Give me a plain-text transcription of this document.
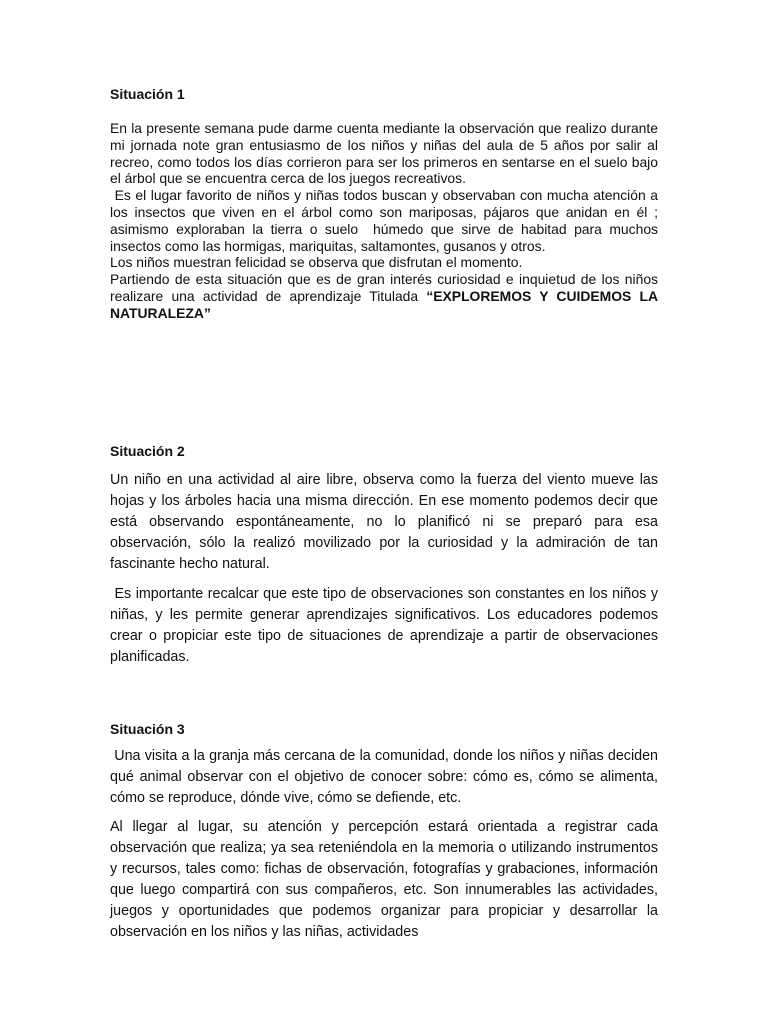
Situación 1

En la presente semana pude darme cuenta mediante la observación que realizo durante mi jornada note gran entusiasmo de los niños y niñas del aula de 5 años por salir al recreo, como todos los días corrieron para ser los primeros en sentarse en el suelo bajo el árbol que se encuentra cerca de los juegos recreativos.

Es el lugar favorito de niños y niñas todos buscan y observaban con mucha atención a los insectos que viven en el árbol como son mariposas, pájaros que anidan en él ; asimismo exploraban la tierra o suelo  húmedo que sirve de habitad para muchos insectos como las hormigas, mariquitas, saltamontes, gusanos y otros.

Los niños muestran felicidad se observa que disfrutan el momento.

Partiendo de esta situación que es de gran interés curiosidad e inquietud de los niños realizare una actividad de aprendizaje Titulada “EXPLOREMOS Y CUIDEMOS LA NATURALEZA”

Situación 2

Un niño en una actividad al aire libre, observa como la fuerza del viento mueve las hojas y los árboles hacia una misma dirección. En ese momento podemos decir que está observando espontáneamente, no lo planificó ni se preparó para esa observación, sólo la realizó movilizado por la curiosidad y la admiración de tan fascinante hecho natural.

Es importante recalcar que este tipo de observaciones son constantes en los niños y niñas, y les permite generar aprendizajes significativos. Los educadores podemos crear o propiciar este tipo de situaciones de aprendizaje a partir de observaciones planificadas.

Situación 3

Una visita a la granja más cercana de la comunidad, donde los niños y niñas deciden qué animal observar con el objetivo de conocer sobre: cómo es, cómo se alimenta, cómo se reproduce, dónde vive, cómo se defiende, etc.

Al llegar al lugar, su atención y percepción estará orientada a registrar cada observación que realiza; ya sea reteniéndola en la memoria o utilizando instrumentos y recursos, tales como: fichas de observación, fotografías y grabaciones, información que luego compartirá con sus compañeros, etc. Son innumerables las actividades, juegos y oportunidades que podemos organizar para propiciar y desarrollar la observación en los niños y las niñas, actividades
